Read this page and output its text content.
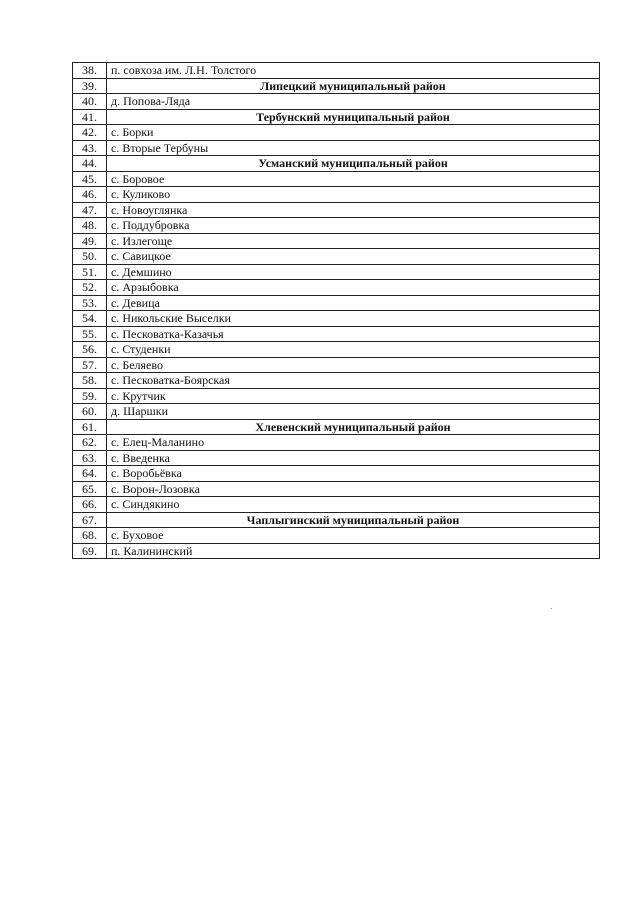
38.	п. совхоза им. Л.Н. Толстого
39.	Липецкий муниципальный район
40.	д. Попова-Ляда
41.	Тербунский муниципальный район
42.	с. Борки
43.	с. Вторые Тербуны
44.	Усманский муниципальный район
45.	с. Боровое
46.	с. Куликово
47.	с. Новоуглянка
48.	с. Поддубровка
49.	с. Излегоще
50.	с. Савицкое
51.	с. Демшино
52.	с. Арзыбовка
53.	с. Девица
54.	с. Никольские Выселки
55.	с. Песковатка-Казачья
56.	с. Студенки
57.	с. Беляево
58.	с. Песковатка-Боярская
59.	с. Крутчик
60.	д. Шаршки
61.	Хлевенский муниципальный район
62.	с. Елец-Маланино
63.	с. Введенка
64.	с. Воробьёвка
65.	с. Ворон-Лозовка
66.	с. Синдякино
67.	Чаплыгинский муниципальный район
68.	с. Буховое
69.	п. Калининский
